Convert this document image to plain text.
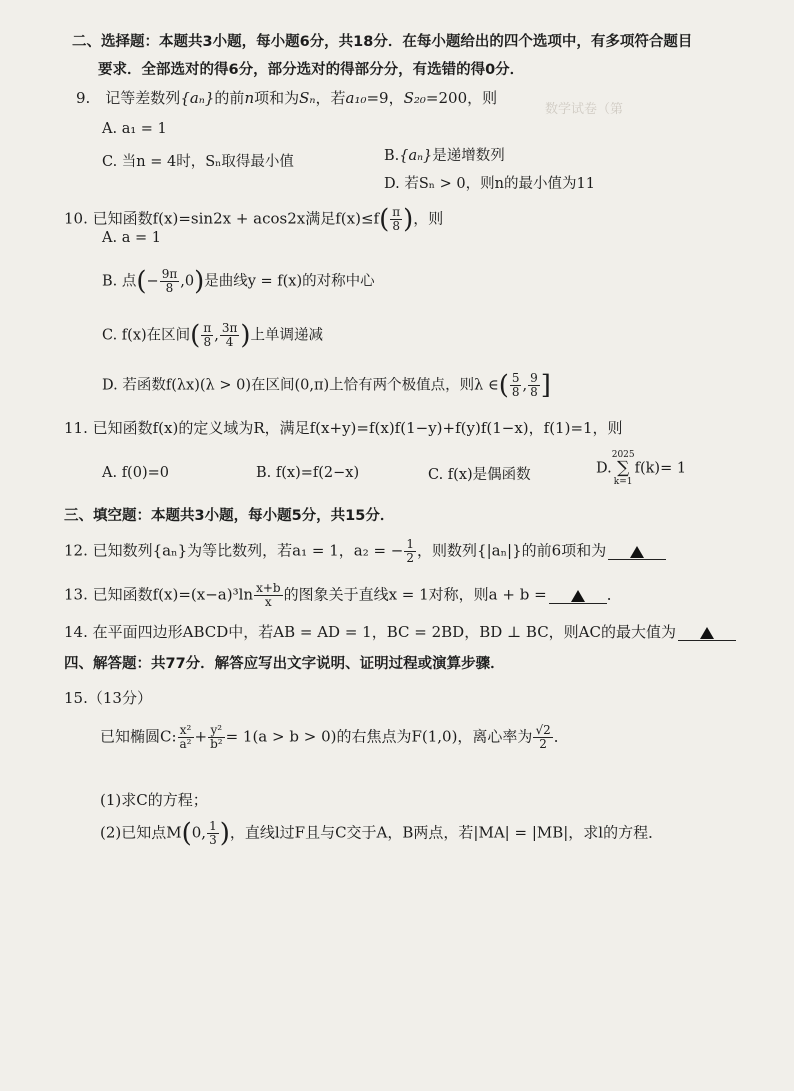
数学试卷（第
二、选择题：本题共3小题，每小题6分，共18分．在每小题给出的四个选项中，有多项符合题目
要求．全部选对的得6分，部分选对的得部分分，有选错的得0分．
9.　记等差数列{aₙ}的前n项和为Sₙ，若a₁₀=9，S₂₀=200，则
A. a₁ = 1
B.{aₙ}是递增数列
C. 当n = 4时，Sₙ取得最小值
D. 若Sₙ > 0，则n的最小值为11
10. 已知函数f(x)=sin2x + acos2x满足$f(x)\le f( \frac{\pi}{8}$ )，则
A. a = 1
B. 点(− $\frac{9\pi}{8} ,0$)是曲线y = f(x)的对称中心
C. f(x)在区间( $\frac{\pi}{8}$ , $\frac{3\pi}{4}$ )上单调递减
D. 若函数f(λx)(λ > 0)在区间(0,π)上恰有两个极值点，则λ ∈( $\frac{5}{8}$ , $\frac{9}{8}$ ]
11. 已知函数f(x)的定义域为R，满足f(x+y)=f(x)f(1−y)+f(y)f(1−x)，f(1)=1，则
A. f(0)=0	B. f(x)=f(2−x)	C. f(x)是偶函数	D.2025
∑
k=1f(k)= 1
三、填空题：本题共3小题，每小题5分，共15分．
12. 已知数列{aₙ}为等比数列，若a₁ = 1，a₂ = − $\frac{1}{2}$ ，则数列{|aₙ|}的前6项和为
13. 已知函数$f(x)=(x-a)^3\ln \frac{x+b}{x}$ 的图象关于直线x = 1对称，则a + b =	．
14. 在平面四边形ABCD中，若AB = AD = 1，BC = 2BD，BD ⊥ BC，则AC的最大值为
四、解答题：共77分．解答应写出文字说明、证明过程或演算步骤．
15.（13分）
已知椭圆C: $\frac{\text{x²}}{\text{a²}} + \frac{\text{y²}}{\text{b²}} = 1(a > b > 0)$的右焦点为F(1,0)，离心率为 $\frac{√2}{2}$ ．
(1)求C的方程；
(2)已知点M(0, $\frac{1}{3}$ )，直线l过F且与C交于A，B两点，若|MA| = |MB|，求l的方程．
